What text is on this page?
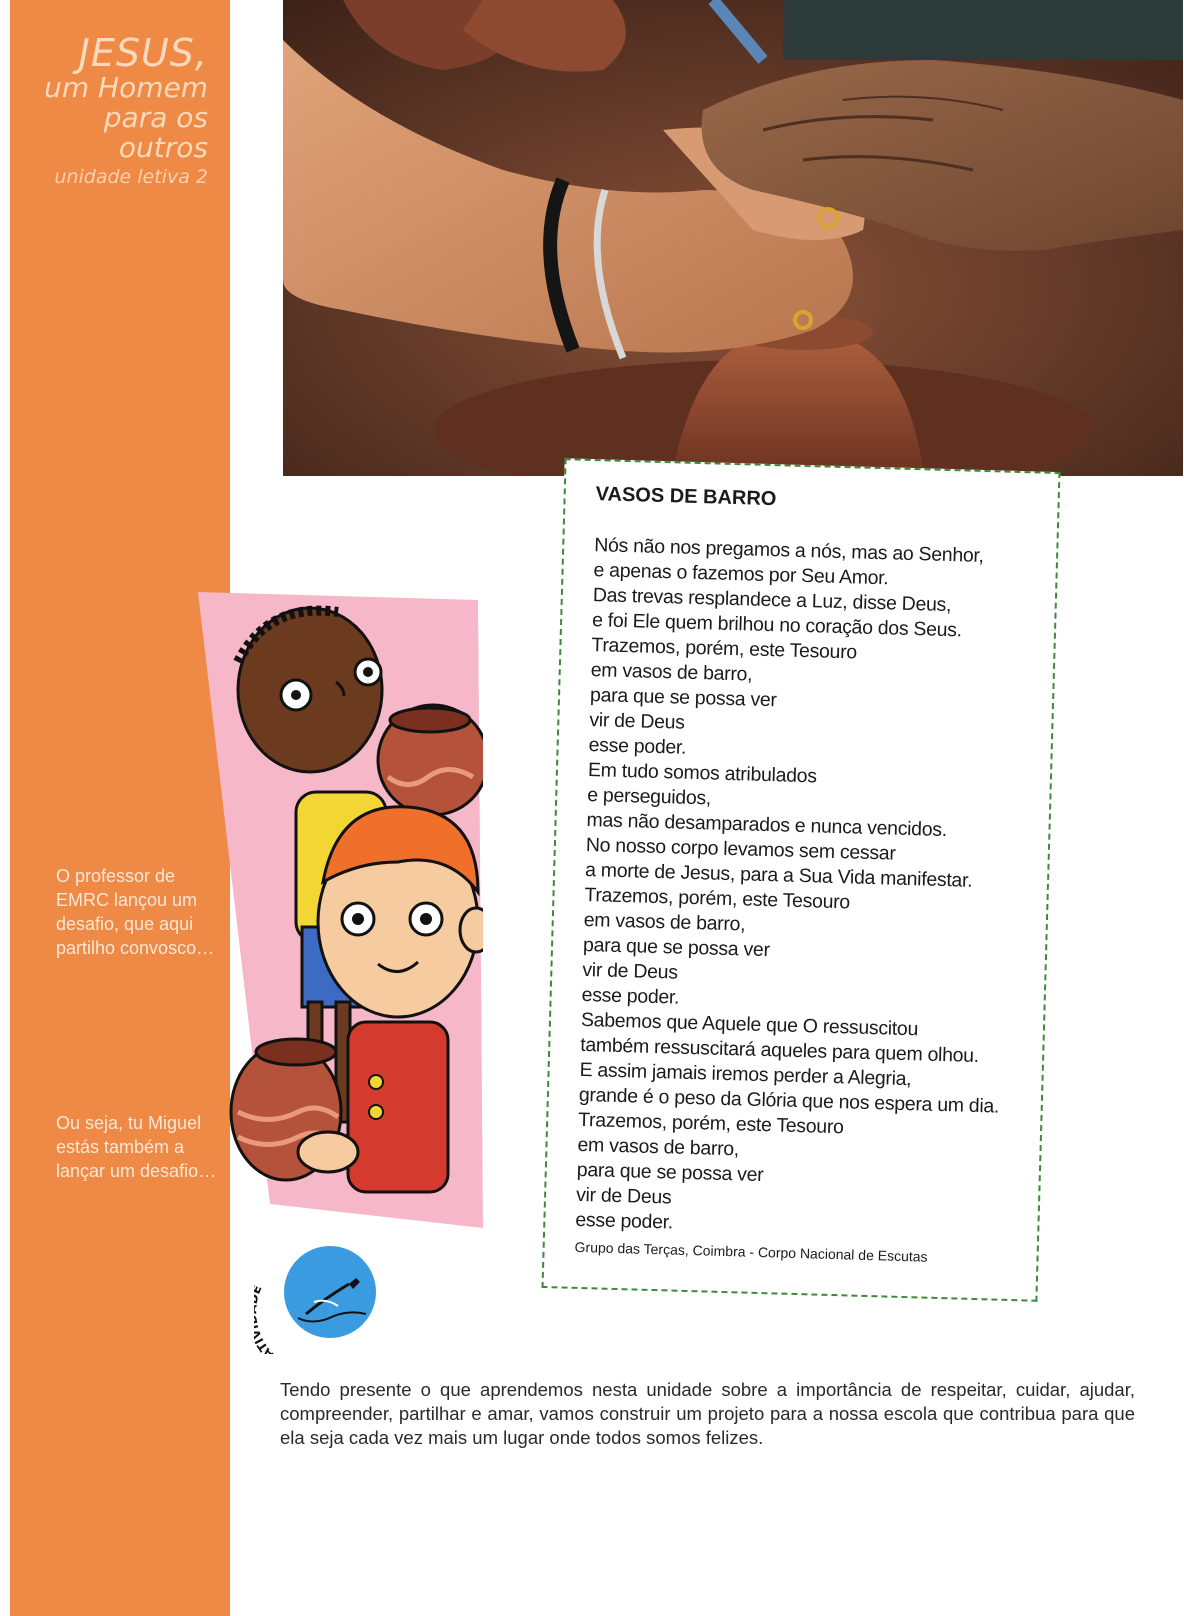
JESUS,
um Homem
para os
outros
unidade letiva 2
O professor de EMRC lançou um desafio, que aqui partilho convosco…
Ou seja, tu Miguel estás também a lançar um desafio…
VASOS DE BARRO
Nós não nos pregamos a nós, mas ao Senhor,
e apenas o fazemos por Seu Amor.
Das trevas resplandece a Luz, disse Deus,
e foi Ele quem brilhou no coração dos Seus.
Trazemos, porém, este Tesouro
em vasos de barro,
para que se possa ver
vir de Deus
esse poder.
Em tudo somos atribulados
e perseguidos,
mas não desamparados e nunca vencidos.
No nosso corpo levamos sem cessar
a morte de Jesus, para a Sua Vida manifestar.
Trazemos, porém, este Tesouro
em vasos de barro,
para que se possa ver
vir de Deus
esse poder.
Sabemos que Aquele que O ressuscitou
também ressuscitará aqueles para quem olhou.
E assim jamais iremos perder a Alegria,
grande é o peso da Glória que nos espera um dia.
Trazemos, porém, este Tesouro
em vasos de barro,
para que se possa ver
vir de Deus
esse poder.
Grupo das Terças, Coimbra - Corpo Nacional de Escutas
AT
Tendo presente o que aprendemos nesta unidade sobre a importância de respeitar, cuidar, ajudar, compreender, partilhar e amar, vamos construir um projeto para a nossa escola que contribua para que ela seja cada vez mais um lugar onde todos somos felizes.
